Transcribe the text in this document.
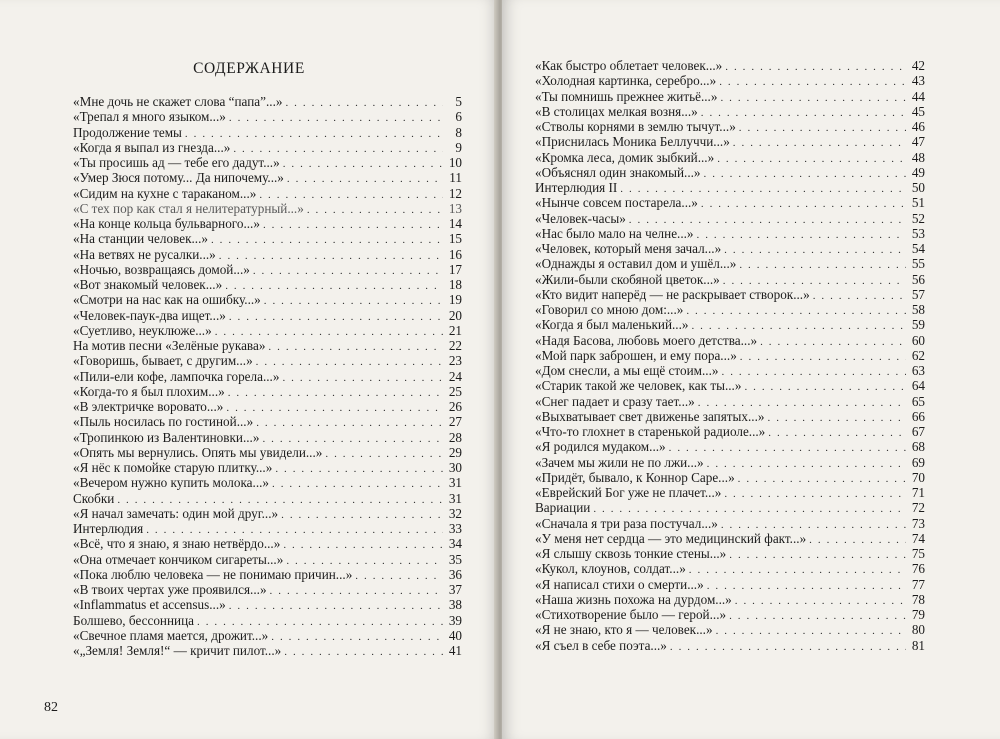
СОДЕРЖАНИЕ
«Мне дочь не скажет слова “папа”...» . . .	5
«Трепал я много языком...» . . .	6
Продолжение темы . . .	8
«Когда я выпал из гнезда...» . . .	9
«Ты просишь ад — тебе его дадут...» . . .	10
«Умер Зюся потому... Да нипочему...» . . .	11
«Сидим на кухне с тараканом...» . . .	12
«С тех пор как стал я нелитературный...» . . .	13
«На конце кольца бульварного...» . . .	14
«На станции человек...» . . .	15
«На ветвях не русалки...» . . .	16
«Ночью, возвращаясь домой...» . . .	17
«Вот знакомый человек...» . . .	18
«Смотри на нас как на ошибку...» . . .	19
«Человек-паук-два ищет...» . . .	20
«Суетливо, неуклюже...» . . .	21
На мотив песни «Зелёные рукава» . . .	22
«Говоришь, бывает, с другим...» . . .	23
«Пили-ели кофе, лампочка горела...» . . .	24
«Когда-то я был плохим...» . . .	25
«В электричке воровато...» . . .	26
«Пыль носилась по гостиной...» . . .	27
«Тропинкою из Валентиновки...» . . .	28
«Опять мы вернулись. Опять мы увидели...» . . .	29
«Я нёс к помойке старую плитку...» . . .	30
«Вечером нужно купить молока...» . . .	31
Скобки . . .	31
«Я начал замечать: один мой друг...» . . .	32
Интерлюдия . . .	33
«Всё, что я знаю, я знаю нетвёрдо...» . . .	34
«Она отмечает кончиком сигареты...» . . .	35
«Пока люблю человека — не понимаю причин...» . . .	36
«В твоих чертах уже проявился...» . . .	37
«Inflammatus et accensus...» . . .	38
Болшево, бессонница . . .	39
«Свечное пламя мается, дрожит...» . . .	40
«„Земля! Земля!“ — кричит пилот...» . . .	41
82
«Как быстро облетает человек...» . . .	42
«Холодная картинка, серебро...» . . .	43
«Ты помнишь прежнее житьё...» . . .	44
«В столицах мелкая возня...» . . .	45
«Стволы корнями в землю тычут...» . . .	46
«Приснилась Моника Беллуччи...» . . .	47
«Кромка леса, домик зыбкий...» . . .	48
«Объяснял один знакомый...» . . .	49
Интерлюдия II . . .	50
«Нынче совсем постарела...» . . .	51
«Человек-часы» . . .	52
«Нас было мало на челне...» . . .	53
«Человек, который меня зачал...» . . .	54
«Однажды я оставил дом и ушёл...» . . .	55
«Жили-были скобяной цветок...» . . .	56
«Кто видит наперёд — не раскрывает створок...» . . .	57
«Говорил со мною дом:...» . . .	58
«Когда я был маленький...» . . .	59
«Надя Басова, любовь моего детства...» . . .	60
«Мой парк заброшен, и ему пора...» . . .	62
«Дом снесли, а мы ещё стоим...» . . .	63
«Старик такой же человек, как ты...» . . .	64
«Снег падает и сразу тает...» . . .	65
«Выхватывает свет движенье запятых...» . . .	66
«Что-то глохнет в старенькой радиоле...» . . .	67
«Я родился мудаком...» . . .	68
«Зачем мы жили не по лжи...» . . .	69
«Придёт, бывало, к Коннор Саре...» . . .	70
«Еврейский Бог уже не плачет...» . . .	71
Вариации . . .	72
«Сначала я три раза постучал...» . . .	73
«У меня нет сердца — это медицинский факт...» . . .	74
«Я слышу сквозь тонкие стены...» . . .	75
«Кукол, клоунов, солдат...» . . .	76
«Я написал стихи о смерти...» . . .	77
«Наша жизнь похожа на дурдом...» . . .	78
«Стихотворение было — герой...» . . .	79
«Я не знаю, кто я — человек...» . . .	80
«Я съел в себе поэта...» . . .	81
